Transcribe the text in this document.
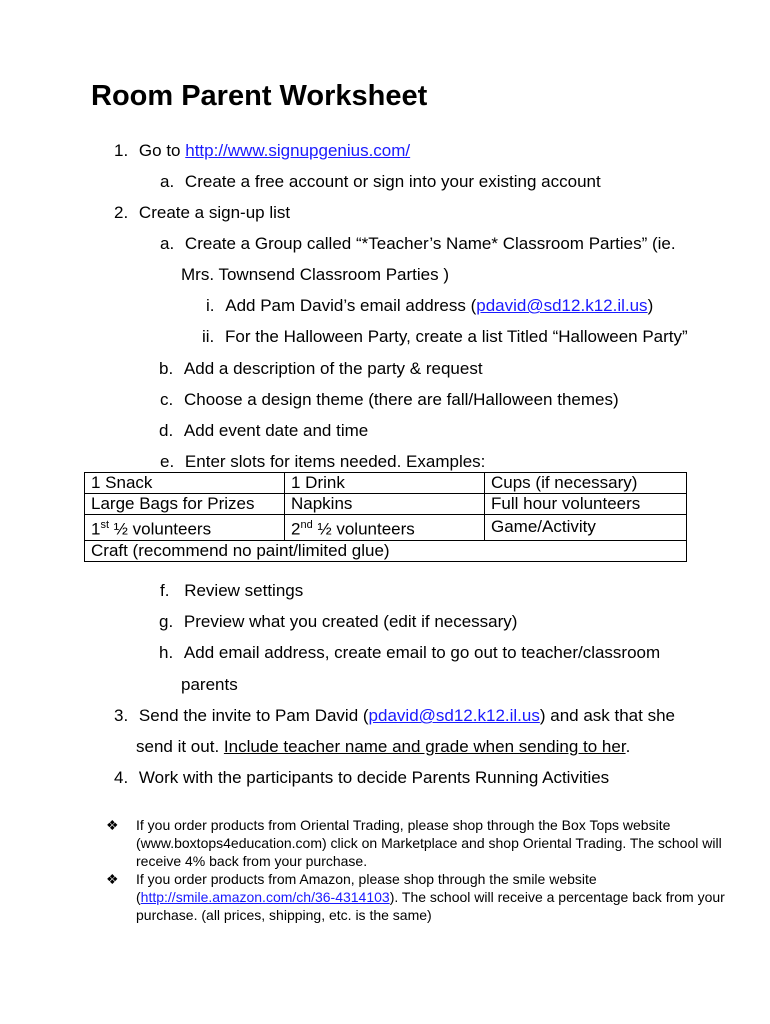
Room Parent Worksheet
1. Go to http://www.signupgenius.com/
a. Create a free account or sign into your existing account
2. Create a sign-up list
a. Create a Group called “*Teacher’s Name* Classroom Parties” (ie.
Mrs. Townsend Classroom Parties )
i. Add Pam David’s email address (pdavid@sd12.k12.il.us)
ii. For the Halloween Party, create a list Titled “Halloween Party”
b. Add a description of the party & request
c. Choose a design theme (there are fall/Halloween themes)
d. Add event date and time
e. Enter slots for items needed. Examples:
1 Snack	1 Drink	Cups (if necessary)
Large Bags for Prizes	Napkins	Full hour volunteers
1st ½ volunteers	2nd ½ volunteers	Game/Activity
Craft (recommend no paint/limited glue)		
f. Review settings
g. Preview what you created (edit if necessary)
h. Add email address, create email to go out to teacher/classroom
parents
3. Send the invite to Pam David (pdavid@sd12.k12.il.us) and ask that she
send it out. Include teacher name and grade when sending to her.
4. Work with the participants to decide Parents Running Activities
❖ If you order products from Oriental Trading, please shop through the Box Tops website (www.boxtops4education.com) click on Marketplace and shop Oriental Trading. The school will receive 4% back from your purchase.
❖ If you order products from Amazon, please shop through the smile website (http://smile.amazon.com/ch/36-4314103). The school will receive a percentage back from your purchase. (all prices, shipping, etc. is the same)
